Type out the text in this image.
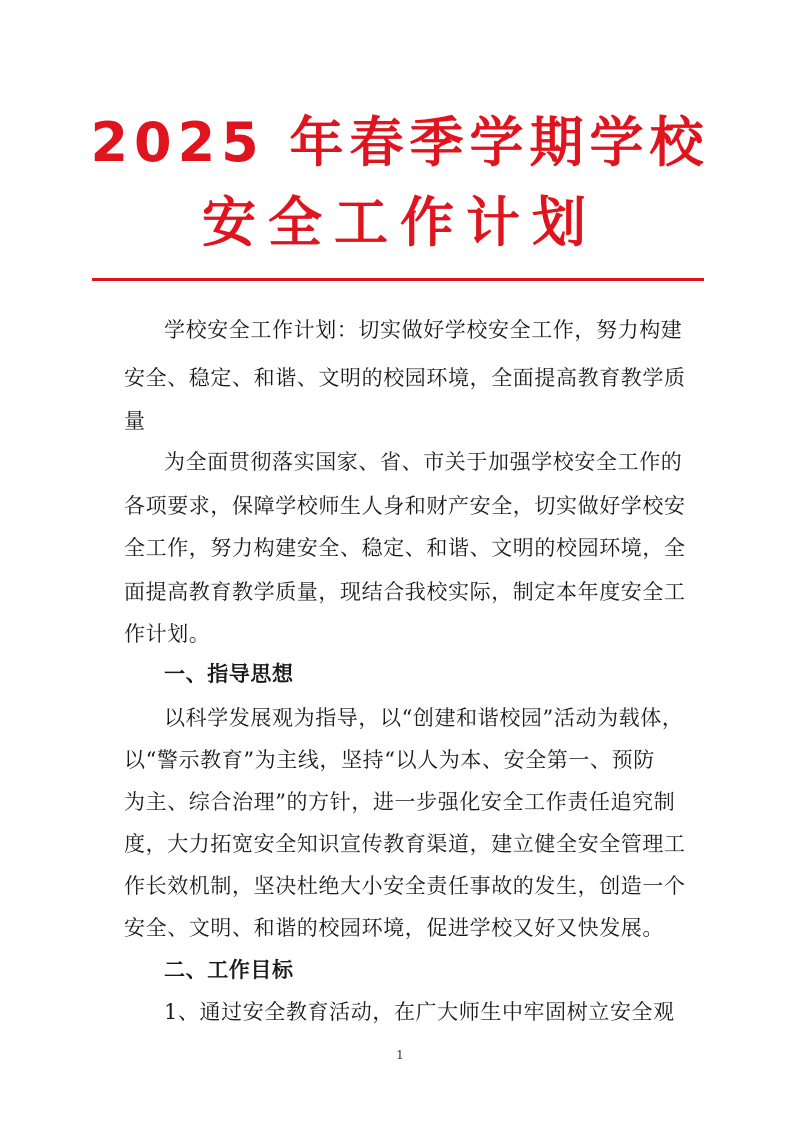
2025 年春季学期学校
安全工作计划
学校安全工作计划：切实做好学校安全工作，努力构建
安全、稳定、和谐、文明的校园环境，全面提高教育教学质
量
为全面贯彻落实国家、省、市关于加强学校安全工作的
各项要求，保障学校师生人身和财产安全，切实做好学校安
全工作，努力构建安全、稳定、和谐、文明的校园环境，全
面提高教育教学质量，现结合我校实际，制定本年度安全工
作计划。
一、指导思想
以科学发展观为指导，以“创建和谐校园”活动为载体，
以“警示教育”为主线，坚持“以人为本、安全第一、预防
为主、综合治理”的方针，进一步强化安全工作责任追究制
度，大力拓宽安全知识宣传教育渠道，建立健全安全管理工
作长效机制，坚决杜绝大小安全责任事故的发生，创造一个
安全、文明、和谐的校园环境，促进学校又好又快发展。
二、工作目标
1、通过安全教育活动，在广大师生中牢固树立安全观
1
